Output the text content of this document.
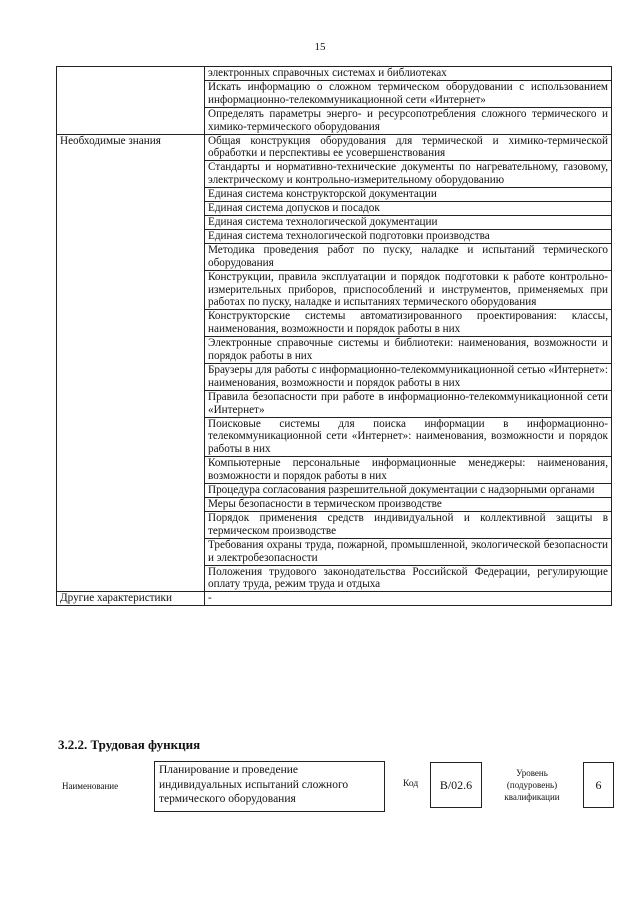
15
	электронных справочных системах и библиотеках
	Искать информацию о сложном термическом оборудовании с использованием информационно-телекоммуникационной сети «Интернет»
	Определять параметры энерго- и ресурсопотребления сложного термического и химико-термического оборудования
Необходимые знания	Общая конструкция оборудования для термической и химико-термической обработки и перспективы ее усовершенствования
	Стандарты и нормативно-технические документы по нагревательному, газовому, электрическому и контрольно-измерительному оборудованию
	Единая система конструкторской документации
	Единая система допусков и посадок
	Единая система технологической документации
	Единая система технологической подготовки производства
	Методика проведения работ по пуску, наладке и испытаний термического оборудования
	Конструкции, правила эксплуатации и порядок подготовки к работе контрольно-измерительных приборов, приспособлений и инструментов, применяемых при работах по пуску, наладке и испытаниях термического оборудования
	Конструкторские системы автоматизированного проектирования: классы, наименования, возможности и порядок работы в них
	Электронные справочные системы и библиотеки: наименования, возможности и порядок работы в них
	Браузеры для работы с информационно-телекоммуникационной сетью «Интернет»: наименования, возможности и порядок работы в них
	Правила безопасности при работе в информационно-телекоммуникационной сети «Интернет»
	Поисковые системы для поиска информации в информационно-телекоммуникационной сети «Интернет»: наименования, возможности и порядок работы в них
	Компьютерные персональные информационные менеджеры: наименования, возможности и порядок работы в них
	Процедура согласования разрешительной документации с надзорными органами
	Меры безопасности в термическом производстве
	Порядок применения средств индивидуальной и коллективной защиты в термическом производстве
	Требования охраны труда, пожарной, промышленной, экологической безопасности и электробезопасности
	Положения трудового законодательства Российской Федерации, регулирующие оплату труда, режим труда и отдыха
Другие характеристики	-
3.2.2. Трудовая функция
Наименование
Планирование и проведение индивидуальных испытаний сложного термического оборудования
Код В/02.6
Уровень
(подуровень)
квалификации
6
